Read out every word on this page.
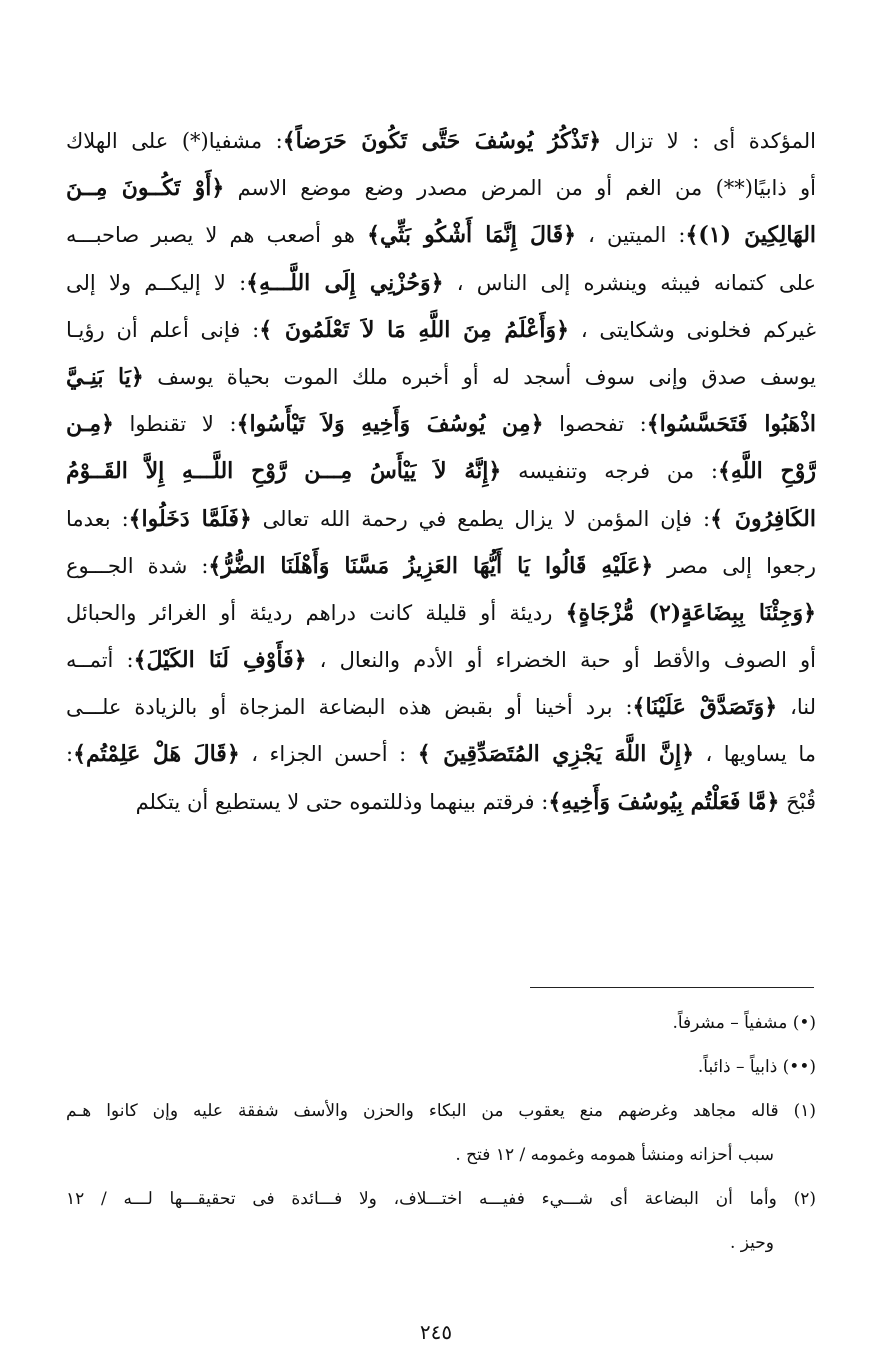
المؤكدة أى : لا تزال ﴿تَذْكُرُ يُوسُفَ حَتَّى تَكُونَ حَرَضاً﴾: مشفيا(*) على الهلاك
أو ذابيًا(**) من الغم أو من المرض مصدر وضع موضع الاسم ﴿أَوْ تَكُــونَ مِــنَ
الهَالِكِينَ (١)﴾: الميتين ، ﴿قَالَ إِنَّمَا أَشْكُو بَثِّي﴾ هو أصعب هم لا يصبر صاحبـــه
على كتمانه فيبثه وينشره إلى الناس ، ﴿وَحُزْنِي إِلَى اللَّـــهِ﴾: لا إليكــم ولا إلى
غيركم فخلونى وشكايتى ، ﴿وَأَعْلَمُ مِنَ اللَّهِ مَا لاَ تَعْلَمُونَ ﴾: فإنى أعلم أن رؤيـا
يوسف صدق وإنى سوف أسجد له أو أخبره ملك الموت بحياة يوسف ﴿يَا بَنِـيَّ
اذْهَبُوا فَتَحَسَّسُوا﴾: تفحصوا ﴿مِن يُوسُفَ وَأَخِيهِ وَلاَ تَيْأَسُوا﴾: لا تقنطوا ﴿مِـن
رَّوْحِ اللَّهِ﴾: من فرجه وتنفيسه ﴿إِنَّهُ لاَ يَيْأَسُ مِـــن رَّوْحِ اللَّـــهِ إِلاَّ القَــوْمُ
الكَافِرُونَ ﴾: فإن المؤمن لا يزال يطمع في رحمة الله تعالى ﴿فَلَمَّا دَخَلُوا﴾: بعدما
رجعوا إلى مصر ﴿عَلَيْهِ قَالُوا يَا أَيُّهَا العَزِيزُ مَسَّنَا وَأَهْلَنَا الضُّرُّ﴾: شدة الجـــوع
﴿وَجِئْنَا بِبِضَاعَةٍ(٢) مُّزْجَاةٍ﴾ رديئة أو قليلة كانت دراهم رديئة أو الغرائر والحبائل
أو الصوف والأقط أو حبة الخضراء أو الأدم والنعال ، ﴿فَأَوْفِ لَنَا الكَيْلَ﴾: أتمــه
لنا، ﴿وَتَصَدَّقْ عَلَيْنَا﴾: برد أخينا أو بقبض هذه البضاعة المزجاة أو بالزيادة علـــى
ما يساويها ، ﴿إِنَّ اللَّهَ يَجْزِي المُتَصَدِّقِينَ ﴾ : أحسن الجزاء ، ﴿قَالَ هَلْ عَلِمْتُم﴾:
قُبْحَ ﴿مَّا فَعَلْتُم بِيُوسُفَ وَأَخِيهِ﴾: فرقتم بينهما وذللتموه حتى لا يستطيع أن يتكلم
(•) مشفياً – مشرفاً.
(••) ذابياً – ذائباً.
(١) قاله مجاهد وغرضهم منع يعقوب من البكاء والحزن والأسف شفقة عليه وإن كانوا هـم
سبب أحزانه ومنشأ همومه وغمومه / ١٢ فتح .
(٢) وأما أن البضاعة أى شـــيء ففيـــه اختـــلاف، ولا فـــائدة فى تحقيقـــها لـــه / ١٢
وحيز .
٢٤٥
